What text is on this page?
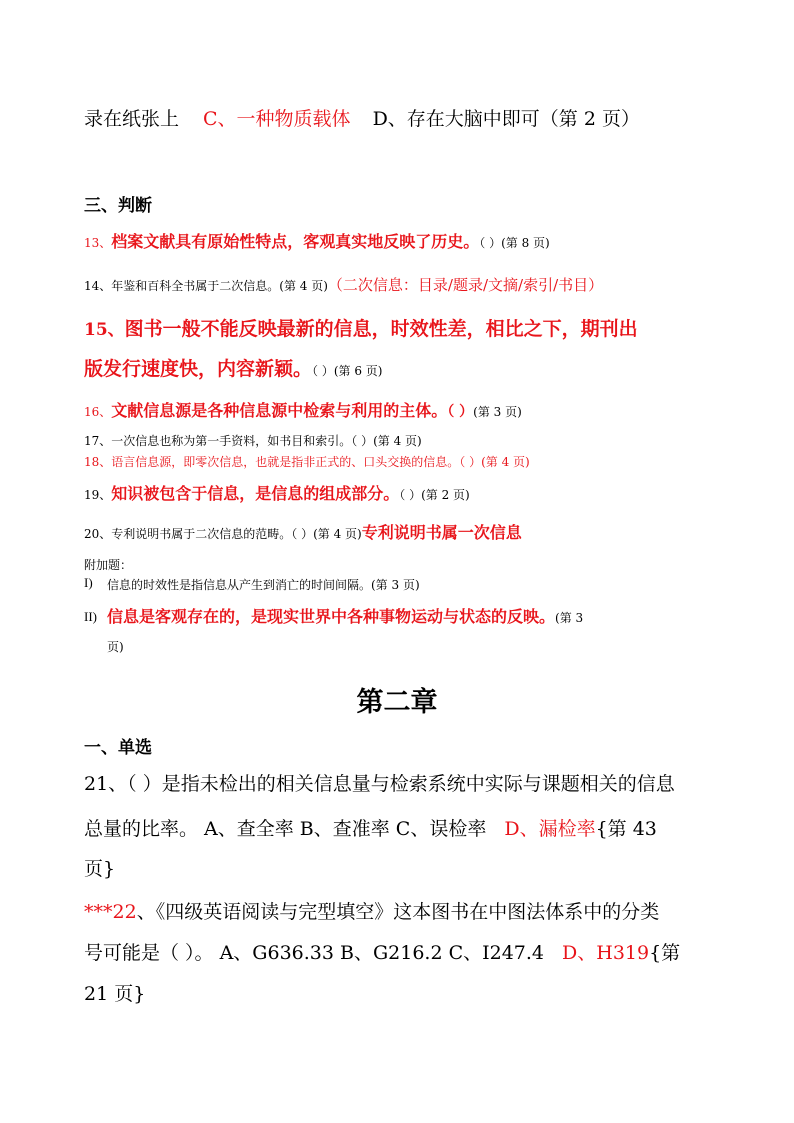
录在纸张上 C、一种物质载体 D、存在大脑中即可（第 2 页）
三、判断
13、档案文献具有原始性特点，客观真实地反映了历史。（ ）(第 8 页)
14、年鉴和百科全书属于二次信息。(第 4 页)（二次信息：目录/题录/文摘/索引/书目）
15、图书一般不能反映最新的信息，时效性差，相比之下，期刊出
版发行速度快，内容新颖。（ ）(第 6 页)
16、文献信息源是各种信息源中检索与利用的主体。（ ）(第 3 页)
17、一次信息也称为第一手资料，如书目和索引。（ ）(第 4 页)
18、语言信息源，即零次信息，也就是指非正式的、口头交换的信息。（ ）(第 4 页)
19、知识被包含于信息，是信息的组成部分。（ ）(第 2 页)
20、专利说明书属于二次信息的范畴。（ ）(第 4 页)专利说明书属一次信息
附加题：
I) 信息的时效性是指信息从产生到消亡的时间间隔。(第 3 页)
II) 信息是客观存在的，是现实世界中各种事物运动与状态的反映。(第 3
页)
第二章
一、单选
21、（ ）是指未检出的相关信息量与检索系统中实际与课题相关的信息
总量的比率。 A、查全率 B、查准率 C、误检率 D、漏检率{第 43
页}
***22、《四级英语阅读与完型填空》这本图书在中图法体系中的分类
号可能是（ ）。 A、G636.33 B、G216.2 C、I247.4 D、H319{第
21 页}
